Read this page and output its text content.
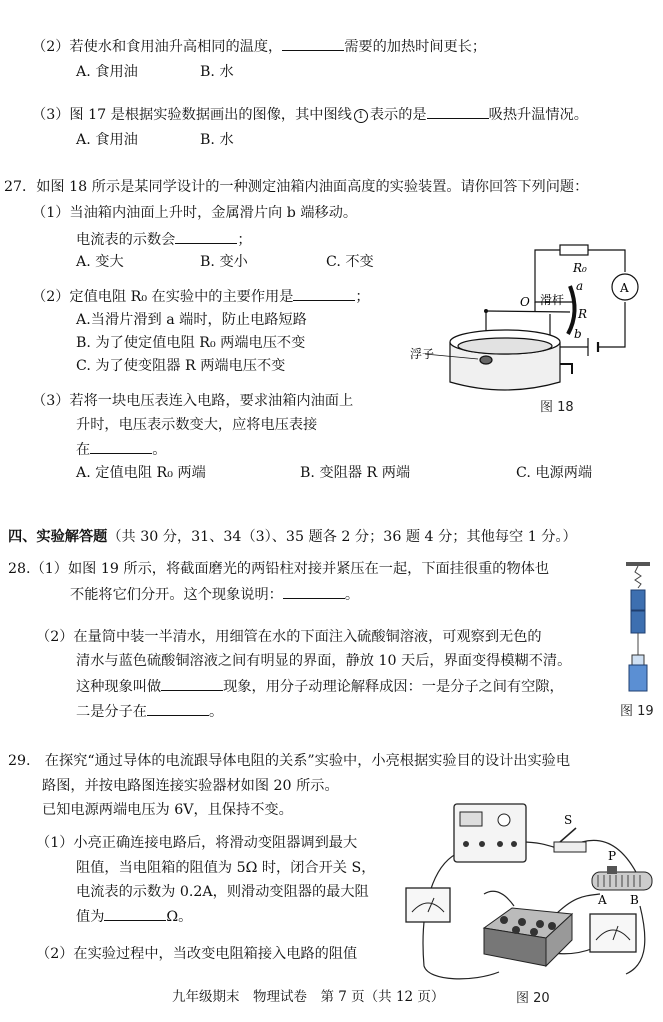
（2）若使水和食用油升高相同的温度，	需要的加热时间更长；
A. 食用油	B. 水
（3）图 17 是根据实验数据画出的图像，其中图线 1 表示的是	吸热升温情况。
A. 食用油	B. 水
27．如图 18 所示是某同学设计的一种测定油箱内油面高度的实验装置。请你回答下列问题：
（1）当油箱内油面上升时，金属滑片向 b 端移动。
电流表的示数会	；
A. 变大	B. 变小	C. 不变
（2）定值电阻 R₀ 在实验中的主要作用是	；
A.当滑片滑到 a 端时，防止电路短路
B. 为了使定值电阻 R₀ 两端电压不变
C. 为了使变阻器 R 两端电压不变
（3）若将一块电压表连入电路，要求油箱内油面上
升时，电压表示数变大，应将电压表接
在	。
A. 定值电阻 R₀ 两端	B. 变阻器 R 两端	C. 电源两端
R₀
A
O 滑杆
a
R
b
浮子
图 18
四、实验解答题（共 30 分，31、34（3）、35 题各 2 分；36 题 4 分；其他每空 1 分。）
28.（1）如图 19 所示，将截面磨光的两铅柱对接并紧压在一起，下面挂很重的物体也
不能将它们分开。这个现象说明：	。
（2）在量筒中装一半清水，用细管在水的下面注入硫酸铜溶液，可观察到无色的
清水与蓝色硫酸铜溶液之间有明显的界面，静放 10 天后，界面变得模糊不清。
这种现象叫做	现象，用分子动理论解释成因：一是分子之间有空隙，
二是分子在	。	图 19
29.　在探究“通过导体的电流跟导体电阻的关系”实验中，小亮根据实验目的设计出实验电
路图，并按电路图连接实验器材如图 20 所示。
已知电源两端电压为 6V，且保持不变。
（1）小亮正确连接电路后，将滑动变阻器调到最大
阻值，当电阻箱的阻值为 5Ω 时，闭合开关 S，
电流表的示数为 0.2A，则滑动变阻器的最大阻
值为	Ω。
（2）在实验过程中，当改变电阻箱接入电路的阻值
S
P
A B
九年级期末　物理试卷　第 7 页（共 12 页）	图 20
